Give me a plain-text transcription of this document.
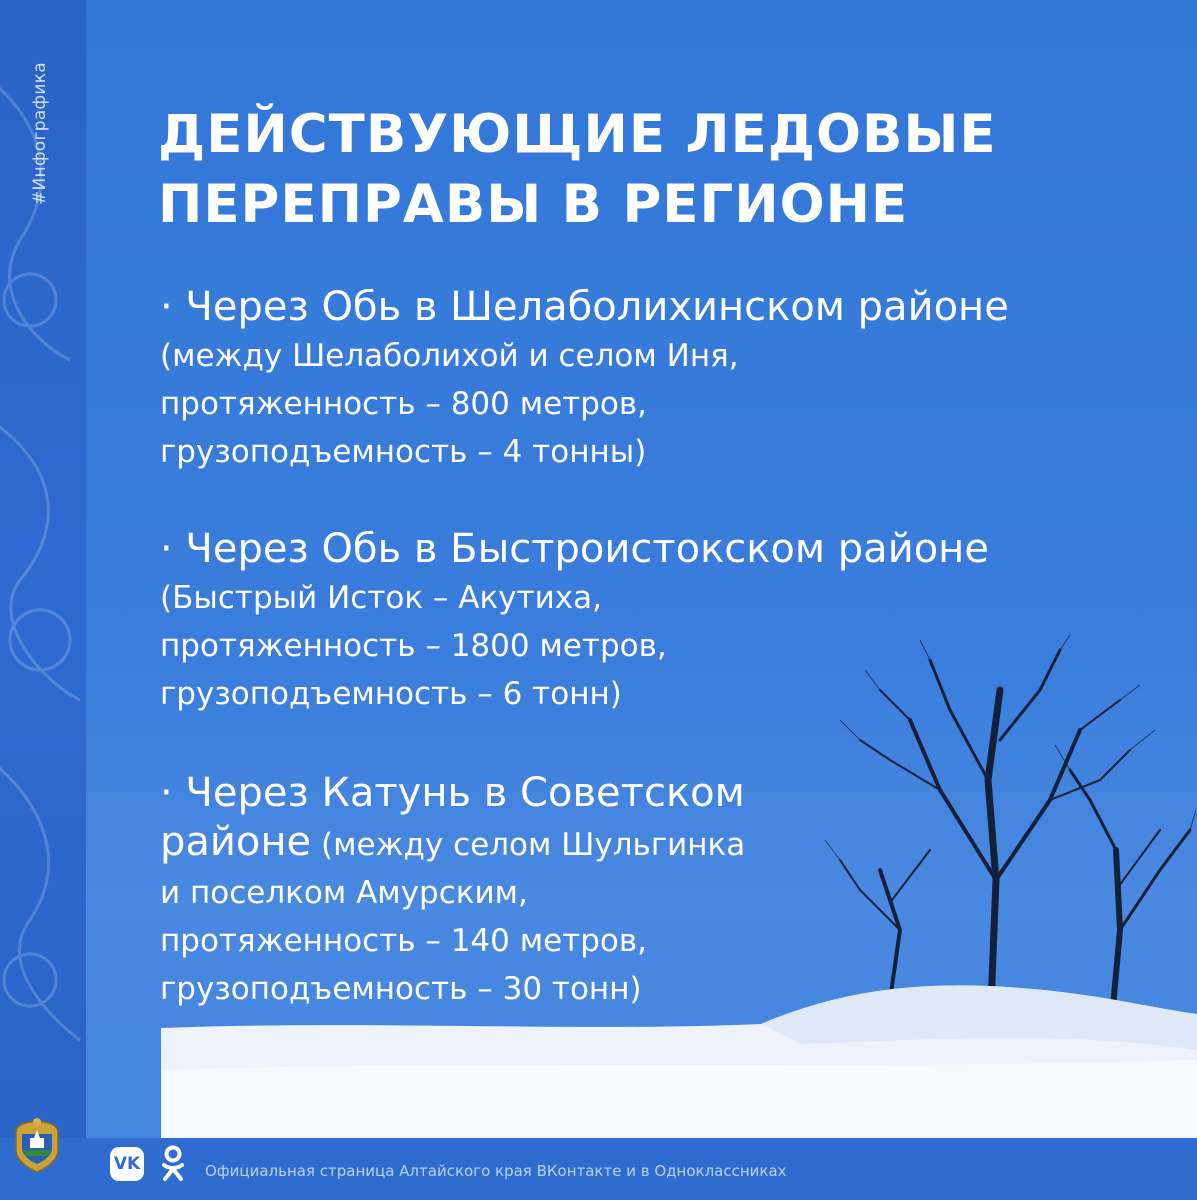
#Инфографика ДЕЙСТВУЮЩИЕ ЛЕДОВЫЕ
ПЕРЕПРАВЫ В РЕГИОНЕ
· Через Обь в Шелаболихинском районе
(между Шелаболихой и селом Иня,
протяженность – 800 метров,
грузоподъемность – 4 тонны)
· Через Обь в Быстроистокском районе
(Быстрый Исток – Акутиха,
протяженность – 1800 метров,
грузоподъемность – 6 тонн)
· Через Катунь в Советском
районе (между селом Шульгинка
и поселком Амурским,
протяженность – 140 метров,
грузоподъемность – 30 тонн)
VK	Официальная страница Алтайского края ВКонтакте и в Одноклассниках
